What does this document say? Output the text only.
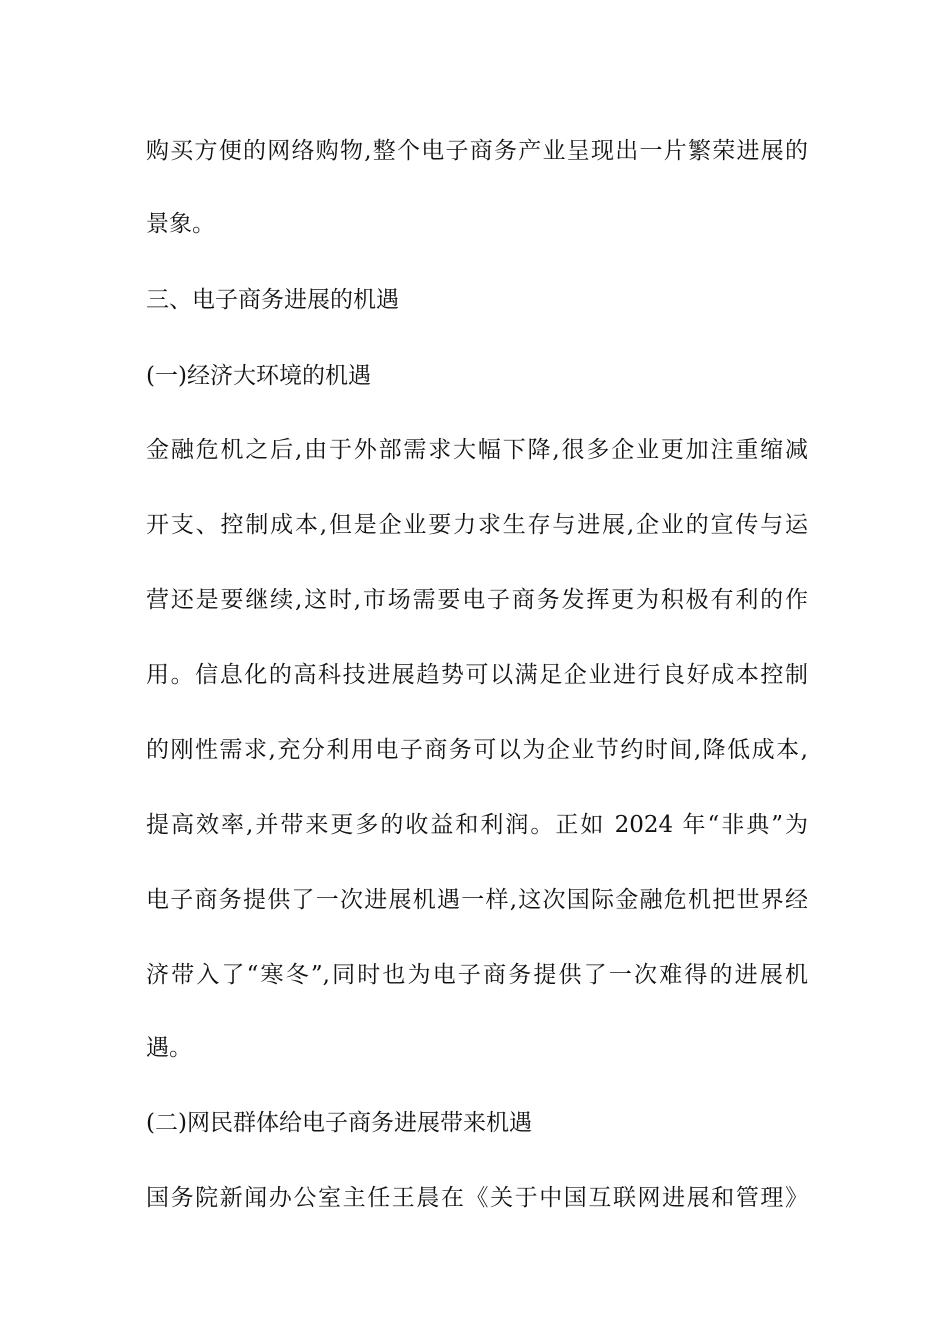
购买方便的网络购物,整个电子商务产业呈现出一片繁荣进展的
景象。
三、电子商务进展的机遇
(一)经济大环境的机遇
金融危机之后,由于外部需求大幅下降,很多企业更加注重缩减
开支、控制成本,但是企业要力求生存与进展,企业的宣传与运
营还是要继续,这时,市场需要电子商务发挥更为积极有利的作
用。信息化的高科技进展趋势可以满足企业进行良好成本控制
的刚性需求,充分利用电子商务可以为企业节约时间,降低成本,
提高效率,并带来更多的收益和利润。正如 2024 年“非典”为
电子商务提供了一次进展机遇一样,这次国际金融危机把世界经
济带入了“寒冬”,同时也为电子商务提供了一次难得的进展机
遇。
(二)网民群体给电子商务进展带来机遇
国务院新闻办公室主任王晨在《关于中国互联网进展和管理》
